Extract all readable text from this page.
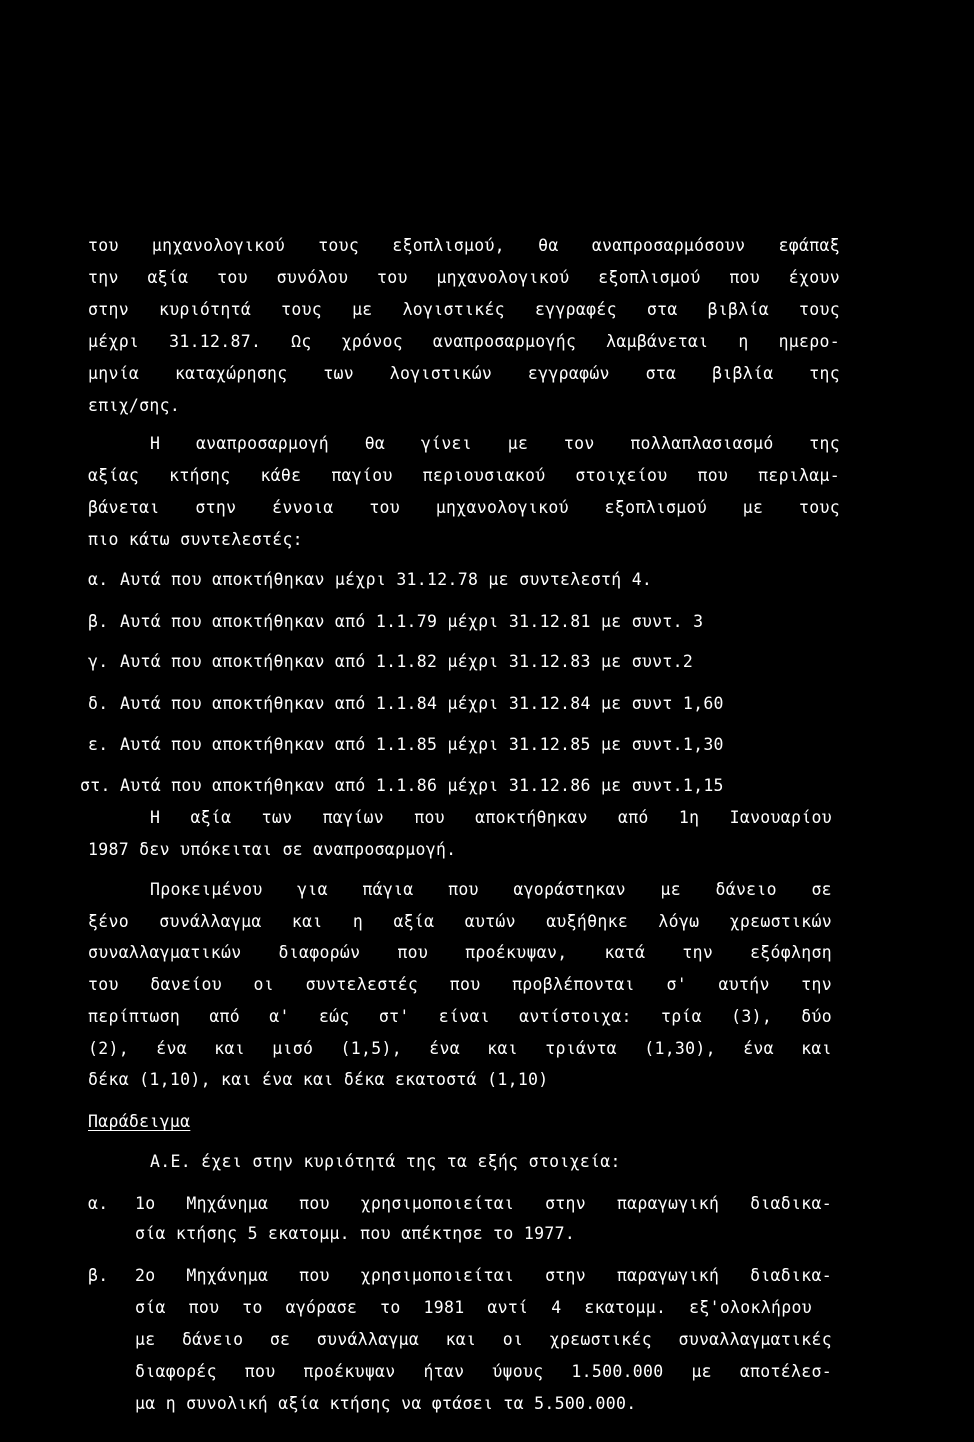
του μηχανολογικού τους εξοπλισμού, θα αναπροσαρμόσουν εφάπαξ
την αξία του συνόλου του μηχανολογικού εξοπλισμού που έχουν
στην κυριότητά τους με λογιστικές εγγραφές στα βιβλία τους
μέχρι 31.12.87. Ως χρόνος αναπροσαρμογής λαμβάνεται η ημερο-
μηνία καταχώρησης των λογιστικών εγγραφών στα βιβλία της
επιχ/σης.
Η αναπροσαρμογή θα γίνει με τον πολλαπλασιασμό της
αξίας κτήσης κάθε παγίου περιουσιακού στοιχείου που περιλαμ-
βάνεται στην έννοια του μηχανολογικού εξοπλισμού με τους
πιο κάτω συντελεστές:
α. Αυτά που αποκτήθηκαν μέχρι 31.12.78 με συντελεστή 4.
β. Αυτά που αποκτήθηκαν από 1.1.79 μέχρι 31.12.81 με συντ. 3
γ. Αυτά που αποκτήθηκαν από 1.1.82 μέχρι 31.12.83 με συντ.2
δ. Αυτά που αποκτήθηκαν από 1.1.84 μέχρι 31.12.84 με συντ 1,60
ε. Αυτά που αποκτήθηκαν από 1.1.85 μέχρι 31.12.85 με συντ.1,30
στ. Αυτά που αποκτήθηκαν από 1.1.86 μέχρι 31.12.86 με συντ.1,15
Η αξία των παγίων που αποκτήθηκαν από 1η Ιανουαρίου
1987 δεν υπόκειται σε αναπροσαρμογή.
Προκειμένου για πάγια που αγοράστηκαν με δάνειο σε
ξένο συνάλλαγμα και η αξία αυτών αυξήθηκε λόγω χρεωστικών
συναλλαγματικών διαφορών που προέκυψαν, κατά την εξόφληση
του δανείου οι συντελεστές που προβλέπονται σ' αυτήν την
περίπτωση από α' εώς στ' είναι αντίστοιχα: τρία (3), δύο
(2), ένα και μισό (1,5), ένα και τριάντα (1,30), ένα και
δέκα (1,10), και ένα και δέκα εκατοστά (1,10)
Παράδειγμα
Α.Ε. έχει στην κυριότητά της τα εξής στοιχεία:
α. 1ο Μηχάνημα που χρησιμοποιείται στην παραγωγική διαδικα-
σία κτήσης 5 εκατομμ. που απέκτησε το 1977.
β. 2ο Μηχάνημα που χρησιμοποιείται στην παραγωγική διαδικα-
σία που το αγόρασε το 1981 αντί 4 εκατομμ. εξ'ολοκλήρου
με δάνειο σε συνάλλαγμα και οι χρεωστικές συναλλαγματικές
διαφορές που προέκυψαν ήταν ύψους 1.500.000 με αποτέλεσ-
μα η συνολική αξία κτήσης να φτάσει τα 5.500.000.
